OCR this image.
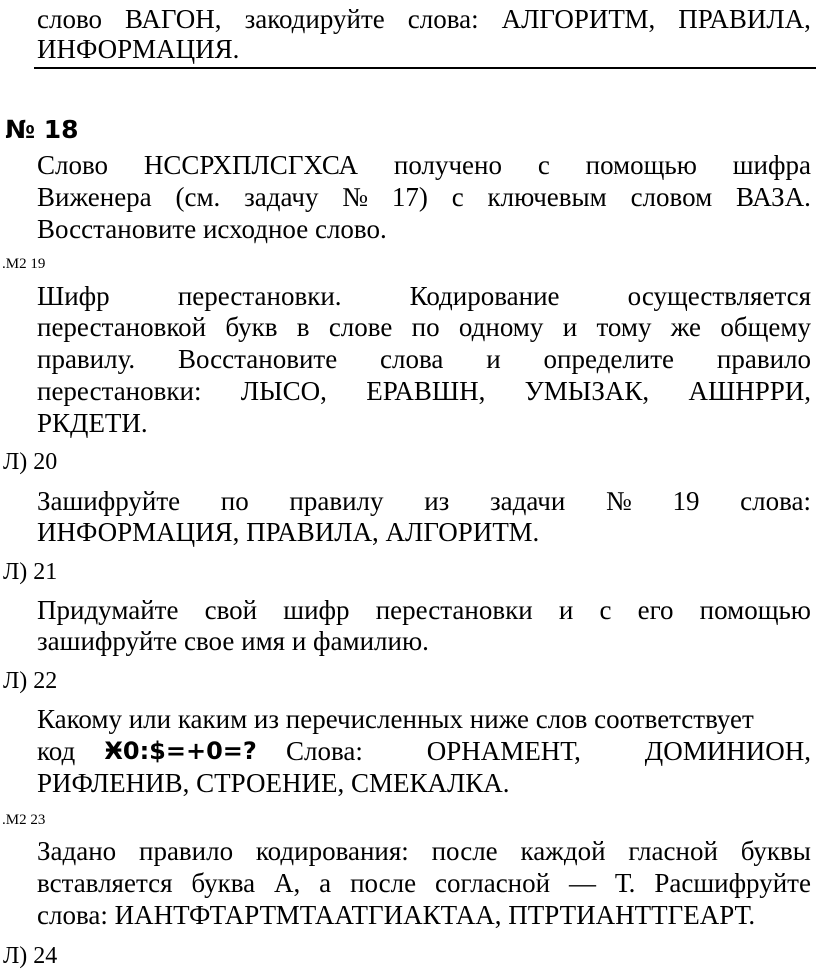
слово ВАГОН, закодируйте слова: АЛГОРИТМ, ПРАВИЛА,
ИНФОРМАЦИЯ.
№ 18
Слово НССРХПЛСГХСА получено с помощью шифра
Виженера (см. задачу № 17) с ключевым словом ВАЗА.
Восстановите исходное слово.
.М2 19
Шифр	перестановки.	Кодирование	осуществляется
перестановкой букв в слове по одному и тому же общему
правилу. Восстановите слова и определите правило
перестановки: ЛЫСО, ЕРАВШН, УМЫЗАК, АШНРРИ,
РКДЕТИ.
Л) 20
Зашифруйте по правилу из задачи № 19 слова:
ИНФОРМАЦИЯ, ПРАВИЛА, АЛГОРИТМ.
Л) 21
Придумайте свой шифр перестановки и с его помощью
зашифруйте свое имя и фамилию.
Л) 22
Какому или каким из перечисленных ниже слов соответствует
код Ӿ0:$=+0=? Слова: ОРНАМЕНТ, ДОМИНИОН,
РИФЛЕНИВ, СТРОЕНИЕ, СМЕКАЛКА.
.М2 23
Задано правило кодирования: после каждой гласной буквы
вставляется буква А, а после согласной — Т. Расшифруйте
слова: ИАНТФТАРТМТААТГИАКТАА, ПТРТИАНТТГЕАРТ.
Л) 24
